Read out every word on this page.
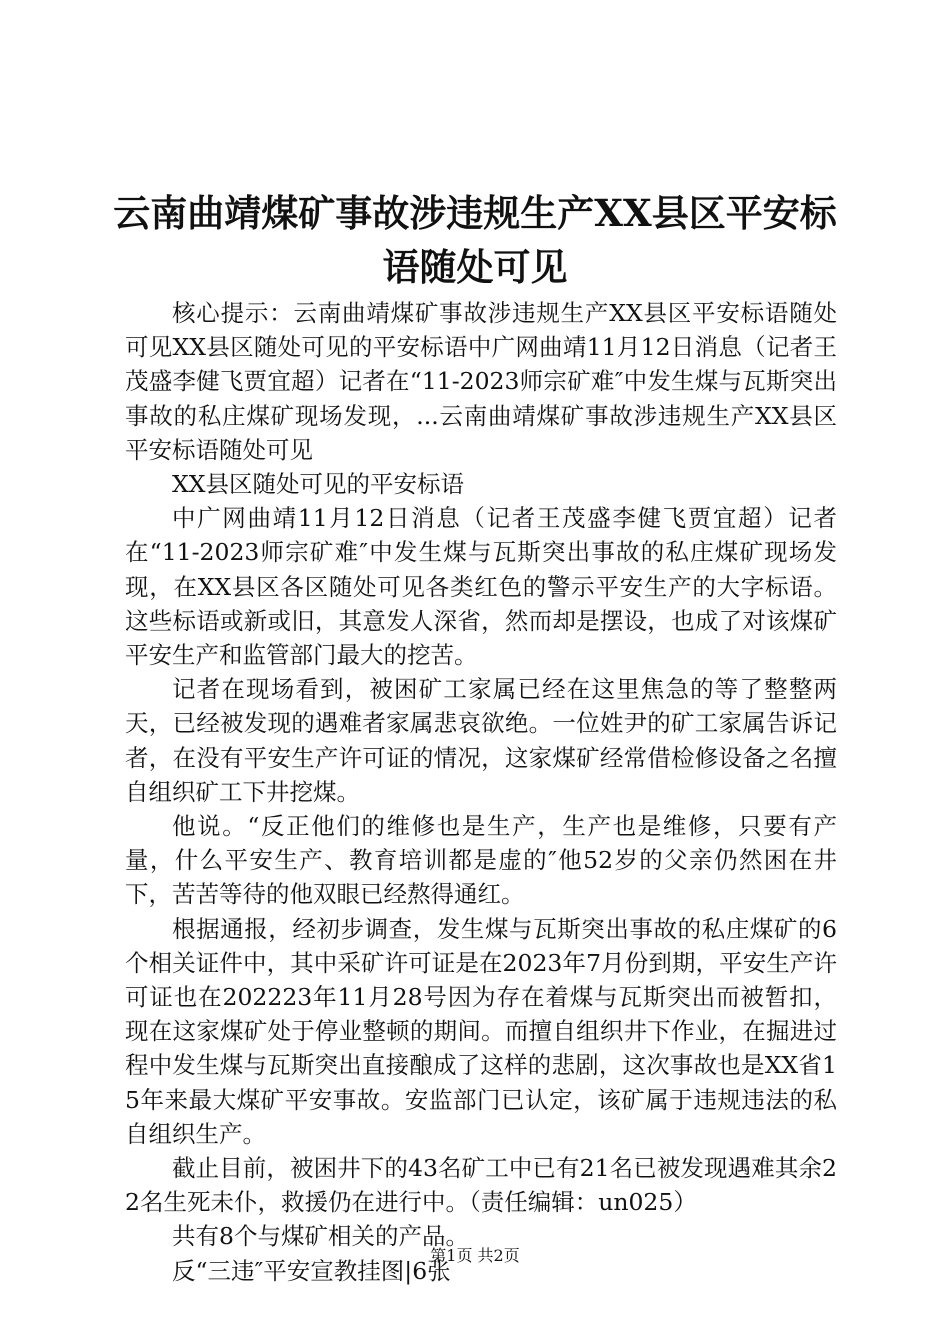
云南曲靖煤矿事故涉违规生产XX县区平安标语随处可见

核心提示：云南曲靖煤矿事故涉违规生产XX县区平安标语随处可见XX县区随处可见的平安标语中广网曲靖11月12日消息（记者王茂盛李健飞贾宜超）记者在“11-2023师宗矿难″中发生煤与瓦斯突出事故的私庄煤矿现场发现，...云南曲靖煤矿事故涉违规生产XX县区平安标语随处可见

XX县区随处可见的平安标语

中广网曲靖11月12日消息（记者王茂盛李健飞贾宜超）记者在“11-2023师宗矿难″中发生煤与瓦斯突出事故的私庄煤矿现场发现，在XX县区各区随处可见各类红色的警示平安生产的大字标语。这些标语或新或旧，其意发人深省，然而却是摆设，也成了对该煤矿平安生产和监管部门最大的挖苦。

记者在现场看到，被困矿工家属已经在这里焦急的等了整整两天，已经被发现的遇难者家属悲哀欲绝。一位姓尹的矿工家属告诉记者，在没有平安生产许可证的情况，这家煤矿经常借检修设备之名擅自组织矿工下井挖煤。

他说。“反正他们的维修也是生产，生产也是维修，只要有产量，什么平安生产、教育培训都是虚的″他52岁的父亲仍然困在井下，苦苦等待的他双眼已经熬得通红。

根据通报，经初步调查，发生煤与瓦斯突出事故的私庄煤矿的6个相关证件中，其中采矿许可证是在2023年7月份到期，平安生产许可证也在202223年11月28号因为存在着煤与瓦斯突出而被暂扣，现在这家煤矿处于停业整顿的期间。而擅自组织井下作业，在掘进过程中发生煤与瓦斯突出直接酿成了这样的悲剧，这次事故也是XX省15年来最大煤矿平安事故。安监部门已认定，该矿属于违规违法的私自组织生产。

截止目前，被困井下的43名矿工中已有21名已被发现遇难其余22名生死未仆，救援仍在进行中。（责任编辑：un025）

共有8个与煤矿相关的产品。

反“三违″平安宣教挂图|6张

第1页 共2页
